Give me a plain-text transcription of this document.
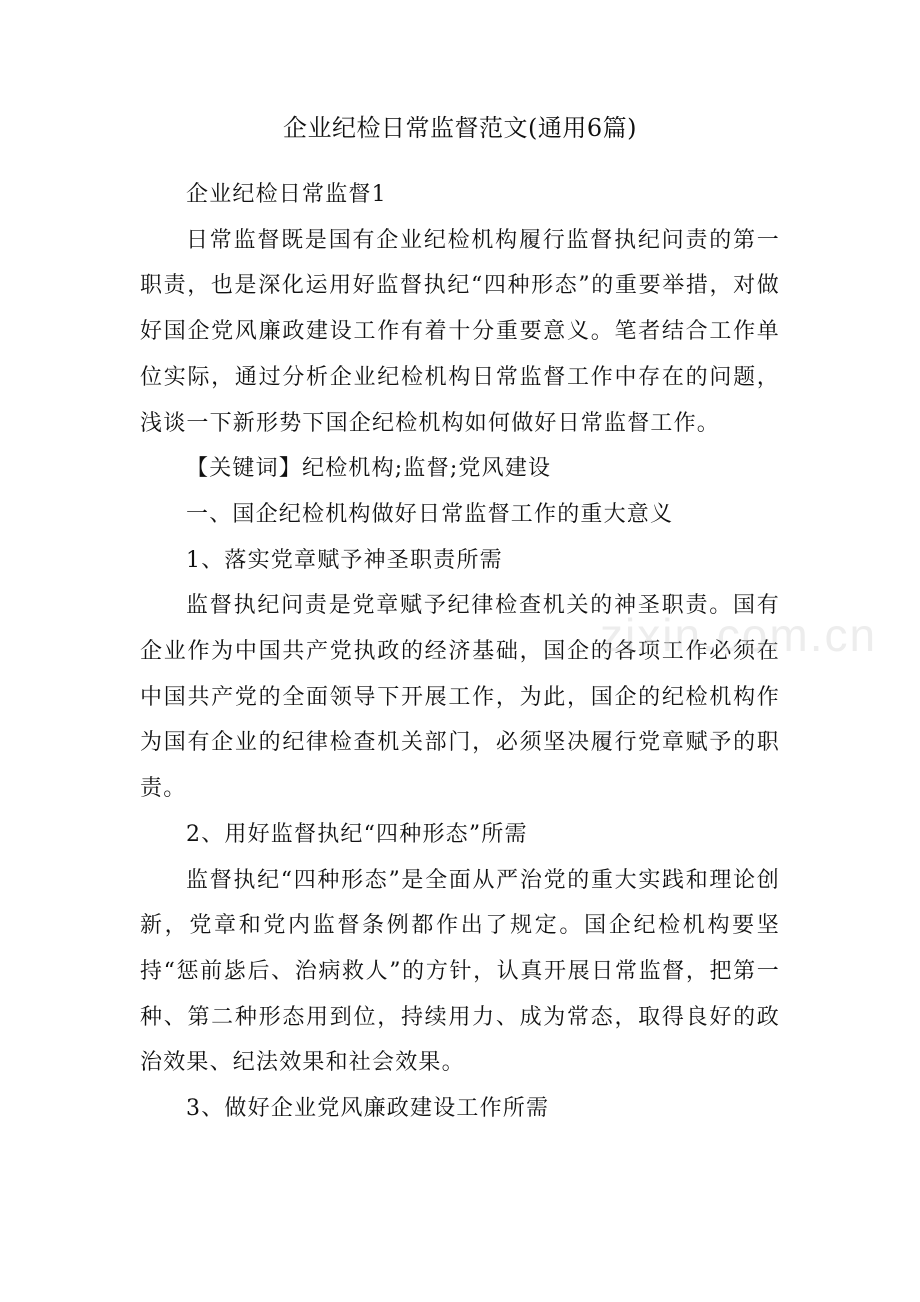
企业纪检日常监督范文(通用6篇)

企业纪检日常监督1

日常监督既是国有企业纪检机构履行监督执纪问责的第一职责，也是深化运用好监督执纪“四种形态”的重要举措，对做好国企党风廉政建设工作有着十分重要意义。笔者结合工作单位实际，通过分析企业纪检机构日常监督工作中存在的问题，浅谈一下新形势下国企纪检机构如何做好日常监督工作。

【关键词】纪检机构;监督;党风建设

一、国企纪检机构做好日常监督工作的重大意义

1、落实党章赋予神圣职责所需

监督执纪问责是党章赋予纪律检查机关的神圣职责。国有企业作为中国共产党执政的经济基础，国企的各项工作必须在中国共产党的全面领导下开展工作，为此，国企的纪检机构作为国有企业的纪律检查机关部门，必须坚决履行党章赋予的职责。

2、用好监督执纪“四种形态”所需

监督执纪“四种形态”是全面从严治党的重大实践和理论创新，党章和党内监督条例都作出了规定。国企纪检机构要坚持“惩前毖后、治病救人”的方针，认真开展日常监督，把第一种、第二种形态用到位，持续用力、成为常态，取得良好的政治效果、纪法效果和社会效果。

3、做好企业党风廉政建设工作所需

zixin.com.cn
